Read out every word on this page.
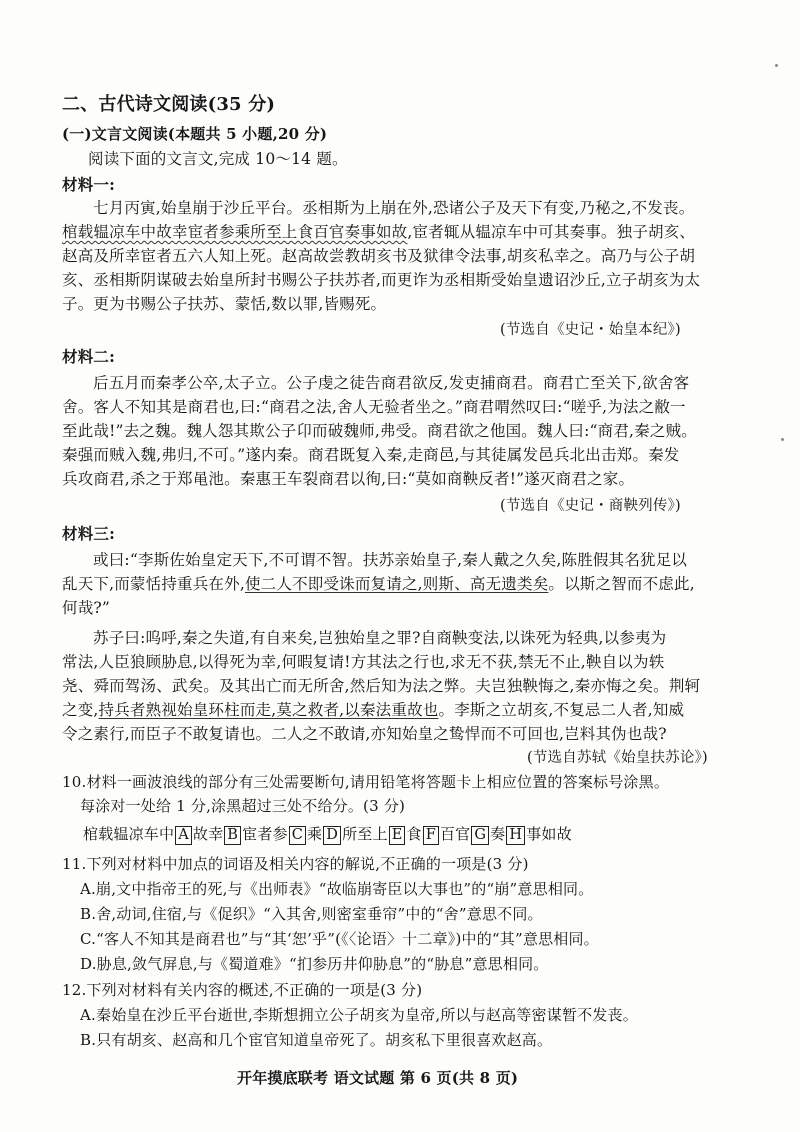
二、古代诗文阅读(35 分)
(一)文言文阅读(本题共 5 小题,20 分)
阅读下面的文言文,完成 10～14 题。
材料一:
七月丙寅,始皇崩于沙丘平台。丞相斯为上崩在外,恐诸公子及天下有变,乃秘之,不发丧。
棺载辒凉车中故幸宦者参乘所至上食百官奏事如故,宦者辄从辒凉车中可其奏事。独子胡亥、
赵高及所幸宦者五六人知上死。赵高故尝教胡亥书及狱律令法事,胡亥私幸之。高乃与公子胡
亥、丞相斯阴谋破去始皇所封书赐公子扶苏者,而更诈为丞相斯受始皇遗诏沙丘,立子胡亥为太
子。更为书赐公子扶苏、蒙恬,数以罪,皆赐死。
(节选自《史记・始皇本纪》)
材料二:
后五月而秦孝公卒,太子立。公子虔之徒告商君欲反,发吏捕商君。商君亡至关下,欲舍客
舍。客人不知其是商君也,曰:“商君之法,舍人无验者坐之。”商君喟然叹曰:“嗟乎,为法之敝一
至此哉!”去之魏。魏人怨其欺公子卬而破魏师,弗受。商君欲之他国。魏人曰:“商君,秦之贼。
秦强而贼入魏,弗归,不可。”遂内秦。商君既复入秦,走商邑,与其徒属发邑兵北出击郑。秦发
兵攻商君,杀之于郑黾池。秦惠王车裂商君以徇,曰:“莫如商鞅反者!”遂灭商君之家。
(节选自《史记・商鞅列传》)
材料三:
或曰:“李斯佐始皇定天下,不可谓不智。扶苏亲始皇子,秦人戴之久矣,陈胜假其名犹足以
乱天下,而蒙恬持重兵在外,使二人不即受诛而复请之,则斯、高无遗类矣。以斯之智而不虑此,
何哉?”
苏子曰:呜呼,秦之失道,有自来矣,岂独始皇之罪?自商鞅变法,以诛死为轻典,以参夷为
常法,人臣狼顾胁息,以得死为幸,何暇复请!方其法之行也,求无不获,禁无不止,鞅自以为轶
尧、舜而驾汤、武矣。及其出亡而无所舍,然后知为法之弊。夫岂独鞅悔之,秦亦悔之矣。荆轲
之变,持兵者熟视始皇环柱而走,莫之救者,以秦法重故也。李斯之立胡亥,不复忌二人者,知威
令之素行,而臣子不敢复请也。二人之不敢请,亦知始皇之鸷悍而不可回也,岂料其伪也哉?
(节选自苏轼《始皇扶苏论》)
10.材料一画波浪线的部分有三处需要断句,请用铅笔将答题卡上相应位置的答案标号涂黑。
每涂对一处给 1 分,涂黑超过三处不给分。(3 分)
棺载辒凉车中 A 故幸 B 宦者参 C 乘 D 所至上 E 食 F 百官 G 奏 H 事如故
11.下列对材料中加点的词语及相关内容的解说,不正确的一项是(3 分)
A.崩,文中指帝王的死,与《出师表》“故临崩寄臣以大事也”的“崩”意思相同。
B.舍,动词,住宿,与《促织》“入其舍,则密室垂帘”中的“舍”意思不同。
C.“客人不知其是商君也”与“其‘恕’乎”(《〈论语〉十二章》)中的“其”意思相同。
D.胁息,敛气屏息,与《蜀道难》“扪参历井仰胁息”的“胁息”意思相同。
12.下列对材料有关内容的概述,不正确的一项是(3 分)
A.秦始皇在沙丘平台逝世,李斯想拥立公子胡亥为皇帝,所以与赵高等密谋暂不发丧。
B.只有胡亥、赵高和几个宦官知道皇帝死了。胡亥私下里很喜欢赵高。
开年摸底联考 语文试题 第 6 页(共 8 页)
